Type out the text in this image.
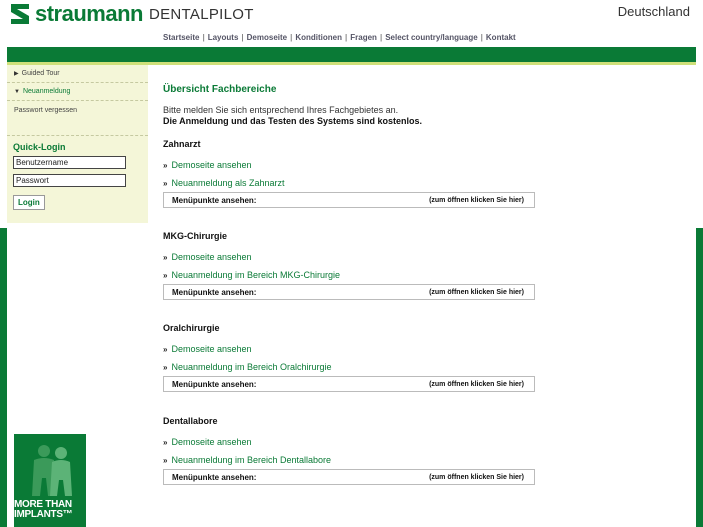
straumann DENTALPILOT	Deutschland
Startseite | Layouts | Demoseite | Konditionen | Fragen | Select country/language | Kontakt
▶ Guided Tour
▼ Neuanmeldung
Passwort vergessen
Quick-Login
Benutzername
Passwort Login
Übersicht Fachbereiche
Bitte melden Sie sich entsprechend Ihres Fachgebietes an.
Die Anmeldung und das Testen des Systems sind kostenlos.
Zahnarzt
» Demoseite ansehen
» Neuanmeldung als Zahnarzt
Menüpunkte ansehen:	(zum öffnen klicken Sie hier)
MKG-Chirurgie
» Demoseite ansehen
» Neuanmeldung im Bereich MKG-Chirurgie
Menüpunkte ansehen:	(zum öffnen klicken Sie hier)
Oralchirurgie
» Demoseite ansehen
» Neuanmeldung im Bereich Oralchirurgie
Menüpunkte ansehen:	(zum öffnen klicken Sie hier)
Dentallabore
» Demoseite ansehen
» Neuanmeldung im Bereich Dentallabore
Menüpunkte ansehen:	(zum öffnen klicken Sie hier)
MORE THAN
IMPLANTS™
